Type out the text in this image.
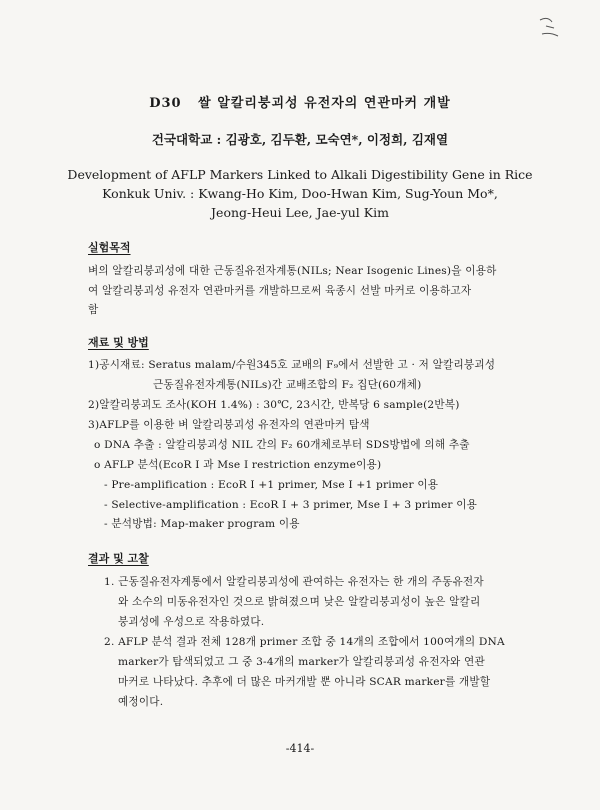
D30 쌀 알칼리붕괴성 유전자의 연관마커 개발

건국대학교 : 김광호, 김두환, 모숙연*, 이정희, 김재열

Development of AFLP Markers Linked to Alkali Digestibility Gene in Rice

Konkuk Univ. : Kwang-Ho Kim, Doo-Hwan Kim, Sug-Youn Mo*,

Jeong-Heui Lee, Jae-yul Kim

실험목적

벼의 알칼리붕괴성에 대한 근동질유전자계통(NILs; Near Isogenic Lines)을 이용하

여 알칼리붕괴성 유전자 연관마커를 개발하므로써 육종시 선발 마커로 이용하고자

함

재료 및 방법

1)공시재료: Seratus malam/수원345호 교배의 F₉에서 선발한 고 · 저 알칼리붕괴성

근동질유전자계통(NILs)간 교배조합의 F₂ 집단(60개체)

2)알칼리붕괴도 조사(KOH 1.4%) : 30℃, 23시간, 반복당 6 sample(2반복)

3)AFLP를 이용한 벼 알칼리붕괴성 유전자의 연관마커 탐색

o DNA 추출 : 알칼리붕괴성 NIL 간의 F₂ 60개체로부터 SDS방법에 의해 추출

o AFLP 분석(EcoR I 과 Mse I restriction enzyme이용)

- Pre-amplification : EcoR I +1 primer, Mse I +1 primer 이용

- Selective-amplification : EcoR I + 3 primer, Mse I + 3 primer 이용

- 분석방법: Map-maker program 이용

결과 및 고찰

1. 근동질유전자계통에서 알칼리붕괴성에 관여하는 유전자는 한 개의 주동유전자

와 소수의 미동유전자인 것으로 밝혀졌으며 낮은 알칼리붕괴성이 높은 알칼리

붕괴성에 우성으로 작용하였다.

2. AFLP 분석 결과 전체 128개 primer 조합 중 14개의 조합에서 100여개의 DNA

marker가 탐색되었고 그 중 3-4개의 marker가 알칼리붕괴성 유전자와 연관

마커로 나타났다. 추후에 더 많은 마커개발 뿐 아니라 SCAR marker를 개발할

예정이다.

-414-
